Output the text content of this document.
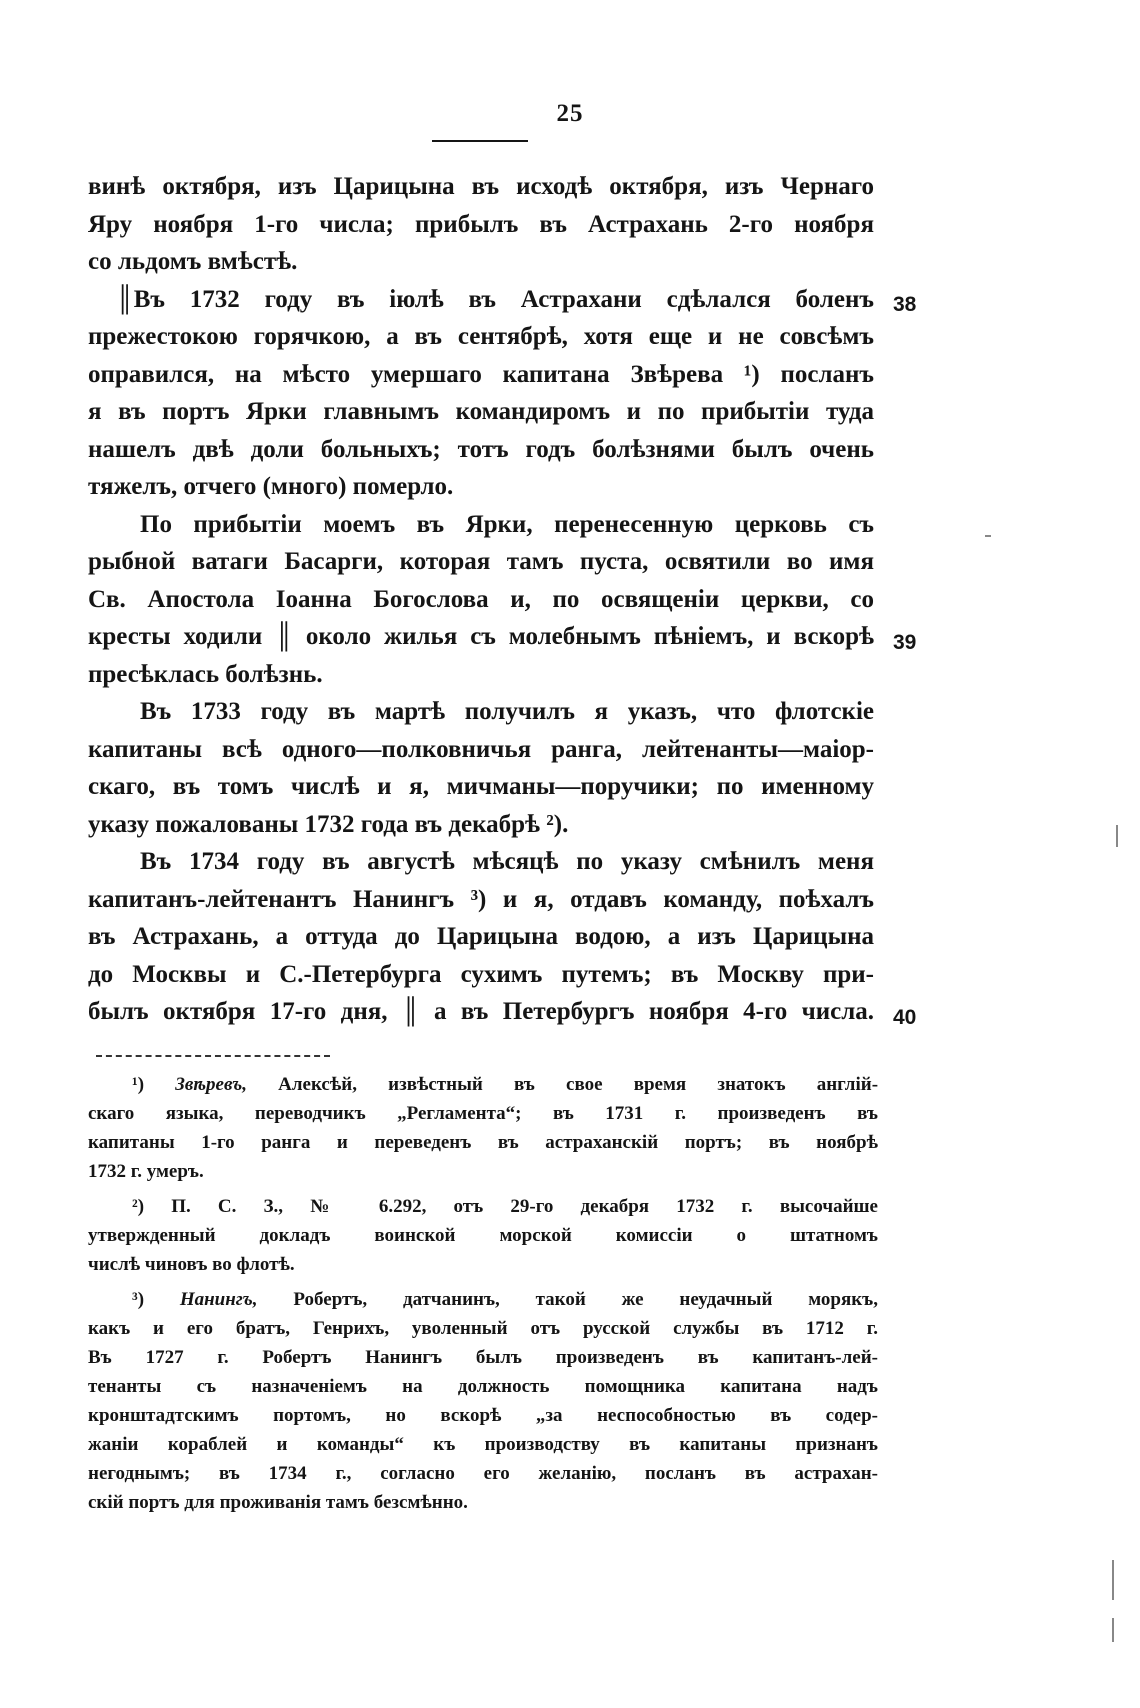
25
винѣ октября, изъ Царицына въ исходѣ октября, изъ Чернаго
Яру ноября 1-го числа; прибылъ въ Астрахань 2-го ноября
со льдомъ вмѣстѣ.
║Въ 1732 году въ іюлѣ въ Астрахани сдѣлался боленъ
прежестокою горячкою, а въ сентябрѣ, хотя еще и не совсѣмъ
оправился, на мѣсто умершаго капитана Звѣрева ¹) посланъ
я въ портъ Ярки главнымъ командиромъ и по прибытіи туда
нашелъ двѣ доли больныхъ; тотъ годъ болѣзнями былъ очень
тяжелъ, отчего (много) померло.
По прибытіи моемъ въ Ярки, перенесенную церковь съ
рыбной ватаги Басарги, которая тамъ пуста, освятили во имя
Св. Апостола Іоанна Богослова и, по освященіи церкви, со
кресты ходили ║ около жилья съ молебнымъ пѣніемъ, и вскорѣ
пресѣклась болѣзнь.
Въ 1733 году въ мартѣ получилъ я указъ, что флотскіе
капитаны всѣ одного—полковничья ранга, лейтенанты—маіор-
скаго, въ томъ числѣ и я, мичманы—поручики; по именному
указу пожалованы 1732 года въ декабрѣ ²).
Въ 1734 году въ августѣ мѣсяцѣ по указу смѣнилъ меня
капитанъ-лейтенантъ Нанингъ ³) и я, отдавъ команду, поѣхалъ
въ Астрахань, а оттуда до Царицына водою, а изъ Царицына
до Москвы и С.-Петербурга сухимъ путемъ; въ Москву при-
былъ октября 17-го дня, ║ а въ Петербургъ ноября 4-го числа.
38
39
40
¹) Звѣревъ, Алексѣй, извѣстный въ свое время знатокъ англій-
скаго языка, переводчикъ „Регламента“; въ 1731 г. произведенъ въ
капитаны 1-го ранга и переведенъ въ астраханскій портъ; въ ноябрѣ
1732 г. умеръ.
²) П. С. З., № 6.292, отъ 29-го декабря 1732 г. высочайше
утвержденный докладъ воинской морской комиссіи о штатномъ
числѣ чиновъ во флотѣ.
³) Нанингъ, Робертъ, датчанинъ, такой же неудачный морякъ,
какъ и его братъ, Генрихъ, уволенный отъ русской службы въ 1712 г.
Въ 1727 г. Робертъ Нанингъ былъ произведенъ въ капитанъ-лей-
тенанты съ назначеніемъ на должность помощника капитана надъ
кронштадтскимъ портомъ, но вскорѣ „за неспособностью въ содер-
жаніи кораблей и команды“ къ производству въ капитаны признанъ
негоднымъ; въ 1734 г., согласно его желанію, посланъ въ астрахан-
скій портъ для проживанія тамъ безсмѣнно.
